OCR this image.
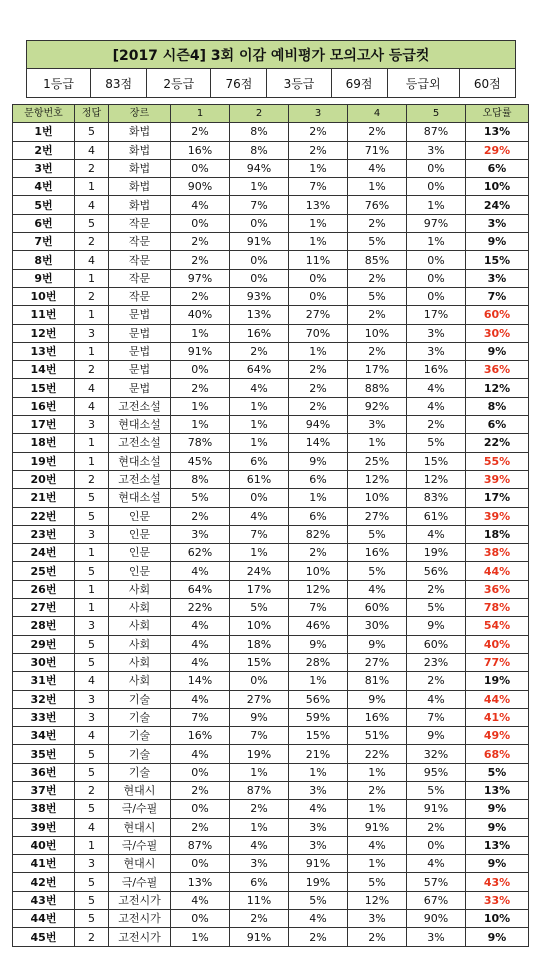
[2017 시즌4] 3회 이감 예비평가 모의고사 등급컷
1등급	83점	2등급	76점	3등급	69점	등급외	60점
문항번호	정답	장르	1	2	3	4	5	오답률
1번	5	화법	2%	8%	2%	2%	87%	13%
2번	4	화법	16%	8%	2%	71%	3%	29%
3번	2	화법	0%	94%	1%	4%	0%	6%
4번	1	화법	90%	1%	7%	1%	0%	10%
5번	4	화법	4%	7%	13%	76%	1%	24%
6번	5	작문	0%	0%	1%	2%	97%	3%
7번	2	작문	2%	91%	1%	5%	1%	9%
8번	4	작문	2%	0%	11%	85%	0%	15%
9번	1	작문	97%	0%	0%	2%	0%	3%
10번	2	작문	2%	93%	0%	5%	0%	7%
11번	1	문법	40%	13%	27%	2%	17%	60%
12번	3	문법	1%	16%	70%	10%	3%	30%
13번	1	문법	91%	2%	1%	2%	3%	9%
14번	2	문법	0%	64%	2%	17%	16%	36%
15번	4	문법	2%	4%	2%	88%	4%	12%
16번	4	고전소설	1%	1%	2%	92%	4%	8%
17번	3	현대소설	1%	1%	94%	3%	2%	6%
18번	1	고전소설	78%	1%	14%	1%	5%	22%
19번	1	현대소설	45%	6%	9%	25%	15%	55%
20번	2	고전소설	8%	61%	6%	12%	12%	39%
21번	5	현대소설	5%	0%	1%	10%	83%	17%
22번	5	인문	2%	4%	6%	27%	61%	39%
23번	3	인문	3%	7%	82%	5%	4%	18%
24번	1	인문	62%	1%	2%	16%	19%	38%
25번	5	인문	4%	24%	10%	5%	56%	44%
26번	1	사회	64%	17%	12%	4%	2%	36%
27번	1	사회	22%	5%	7%	60%	5%	78%
28번	3	사회	4%	10%	46%	30%	9%	54%
29번	5	사회	4%	18%	9%	9%	60%	40%
30번	5	사회	4%	15%	28%	27%	23%	77%
31번	4	사회	14%	0%	1%	81%	2%	19%
32번	3	기술	4%	27%	56%	9%	4%	44%
33번	3	기술	7%	9%	59%	16%	7%	41%
34번	4	기술	16%	7%	15%	51%	9%	49%
35번	5	기술	4%	19%	21%	22%	32%	68%
36번	5	기술	0%	1%	1%	1%	95%	5%
37번	2	현대시	2%	87%	3%	2%	5%	13%
38번	5	극/수필	0%	2%	4%	1%	91%	9%
39번	4	현대시	2%	1%	3%	91%	2%	9%
40번	1	극/수필	87%	4%	3%	4%	0%	13%
41번	3	현대시	0%	3%	91%	1%	4%	9%
42번	5	극/수필	13%	6%	19%	5%	57%	43%
43번	5	고전시가	4%	11%	5%	12%	67%	33%
44번	5	고전시가	0%	2%	4%	3%	90%	10%
45번	2	고전시가	1%	91%	2%	2%	3%	9%
